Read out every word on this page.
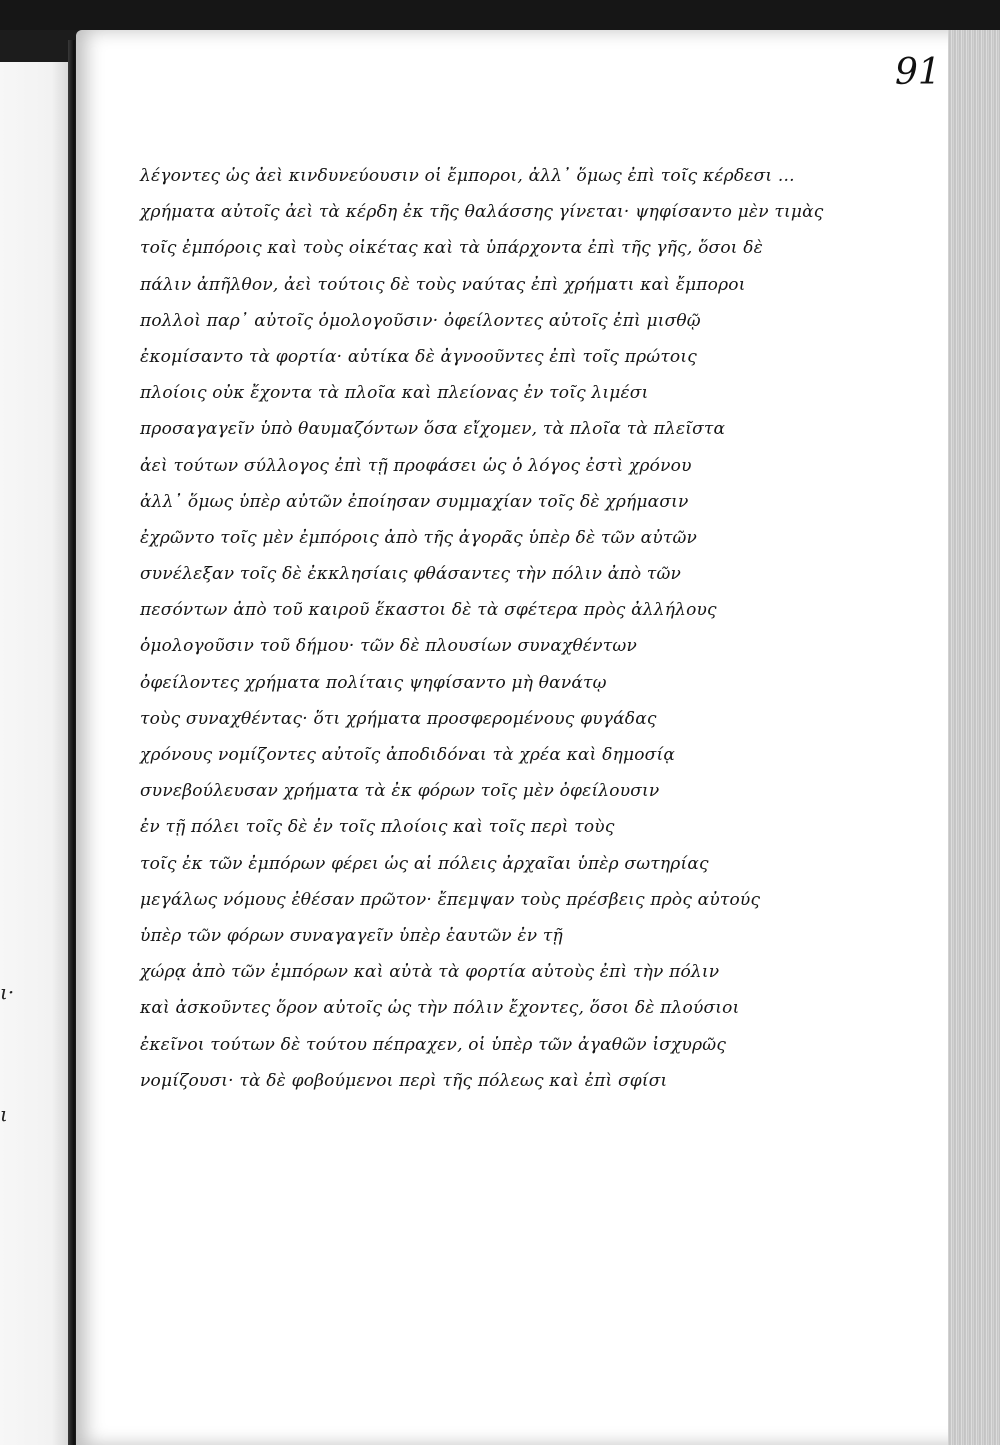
ι·
ι
91
λέγοντες ὡς ἀεὶ κινδυνεύουσιν οἱ ἔμποροι, ἀλλ᾽ ὅμως ἐπὶ τοῖς κέρδεσι ...
χρήματα αὐτοῖς ἀεὶ τὰ κέρδη ἐκ τῆς θαλάσσης γίνεται· ψηφίσαντο μὲν τιμὰς
τοῖς ἐμπόροις καὶ τοὺς οἰκέτας καὶ τὰ ὑπάρχοντα ἐπὶ τῆς γῆς, ὅσοι δὲ
πάλιν ἀπῆλθον, ἀεὶ τούτοις δὲ τοὺς ναύτας ἐπὶ χρήματι καὶ ἔμποροι
πολλοὶ παρ᾽ αὐτοῖς ὁμολογοῦσιν· ὀφείλοντες αὐτοῖς ἐπὶ μισθῷ
ἐκομίσαντο τὰ φορτία· αὐτίκα δὲ ἀγνοοῦντες ἐπὶ τοῖς πρώτοις
πλοίοις οὐκ ἔχοντα τὰ πλοῖα καὶ πλείονας ἐν τοῖς λιμέσι
προσαγαγεῖν ὑπὸ θαυμαζόντων ὅσα εἴχομεν, τὰ πλοῖα τὰ πλεῖστα
ἀεὶ τούτων σύλλογος ἐπὶ τῇ προφάσει ὡς ὁ λόγος ἐστὶ χρόνου
ἀλλ᾽ ὅμως ὑπὲρ αὐτῶν ἐποίησαν συμμαχίαν τοῖς δὲ χρήμασιν
ἐχρῶντο τοῖς μὲν ἐμπόροις ἀπὸ τῆς ἀγορᾶς ὑπὲρ δὲ τῶν αὐτῶν
συνέλεξαν τοῖς δὲ ἐκκλησίαις φθάσαντες τὴν πόλιν ἀπὸ τῶν
πεσόντων ἀπὸ τοῦ καιροῦ ἕκαστοι δὲ τὰ σφέτερα πρὸς ἀλλήλους
ὁμολογοῦσιν τοῦ δήμου· τῶν δὲ πλουσίων συναχθέντων
ὀφείλοντες χρήματα πολίταις ψηφίσαντο μὴ θανάτῳ
τοὺς συναχθέντας· ὅτι χρήματα προσφερομένους φυγάδας
χρόνους νομίζοντες αὐτοῖς ἀποδιδόναι τὰ χρέα καὶ δημοσίᾳ
συνεβούλευσαν χρήματα τὰ ἐκ φόρων τοῖς μὲν ὀφείλουσιν
ἐν τῇ πόλει τοῖς δὲ ἐν τοῖς πλοίοις καὶ τοῖς περὶ τοὺς
τοῖς ἐκ τῶν ἐμπόρων φέρει ὡς αἱ πόλεις ἀρχαῖαι ὑπὲρ σωτηρίας
μεγάλως νόμους ἐθέσαν πρῶτον· ἔπεμψαν τοὺς πρέσβεις πρὸς αὐτούς
ὑπὲρ τῶν φόρων συναγαγεῖν ὑπὲρ ἑαυτῶν ἐν τῇ
χώρᾳ ἀπὸ τῶν ἐμπόρων καὶ αὐτὰ τὰ φορτία αὐτοὺς ἐπὶ τὴν πόλιν
καὶ ἀσκοῦντες ὅρον αὐτοῖς ὡς τὴν πόλιν ἔχοντες, ὅσοι δὲ πλούσιοι
ἐκεῖνοι τούτων δὲ τούτου πέπραχεν, οἱ ὑπὲρ τῶν ἀγαθῶν ἰσχυρῶς
νομίζουσι· τὰ δὲ φοβούμενοι περὶ τῆς πόλεως καὶ ἐπὶ σφίσι
